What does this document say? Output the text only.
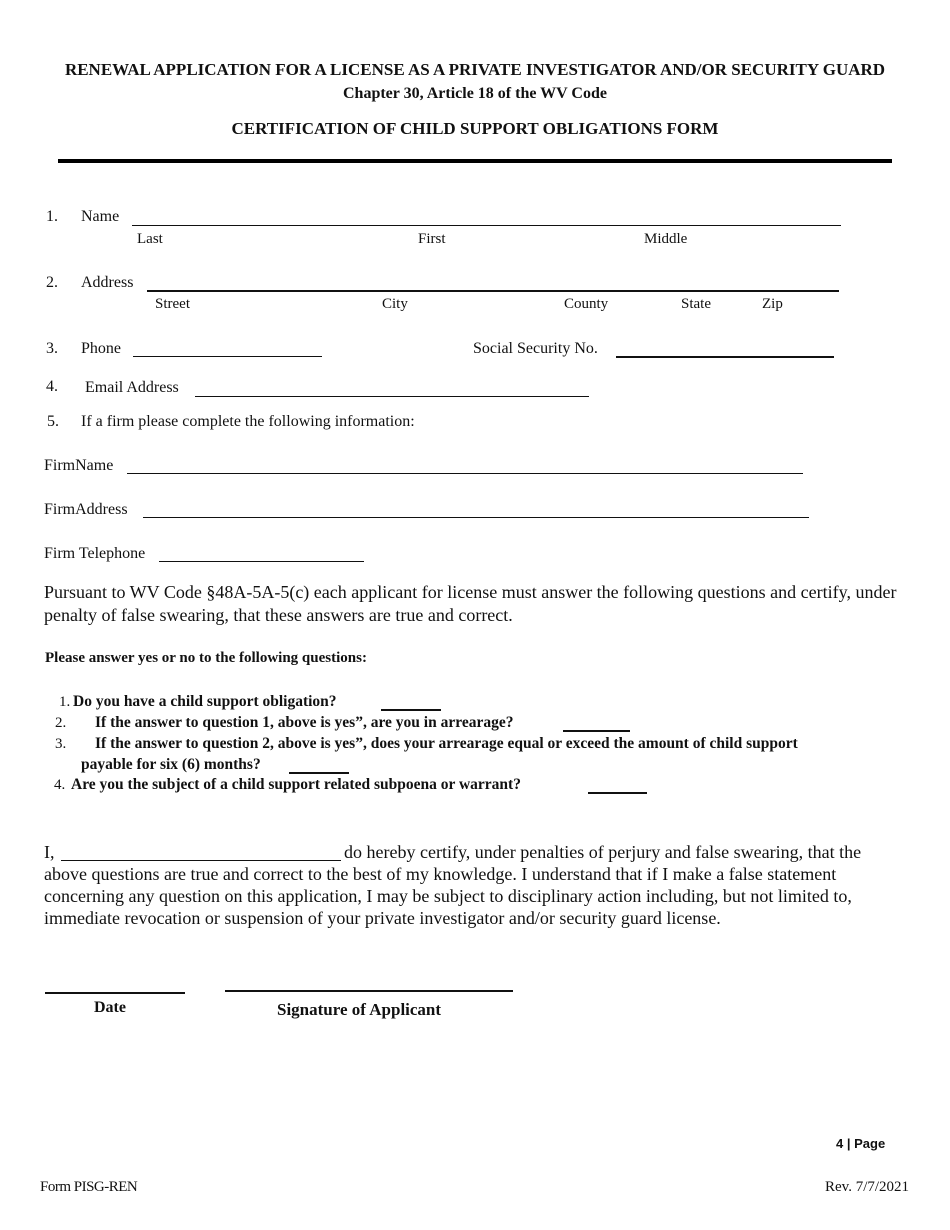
RENEWAL APPLICATION FOR A LICENSE AS A PRIVATE INVESTIGATOR AND/OR SECURITY GUARD
Chapter 30, Article 18 of the WV Code
CERTIFICATION OF CHILD SUPPORT OBLIGATIONS FORM
1. Name
Last	First	Middle
2. Address
Street	City	County	State	Zip
3. Phone	Social Security No.
4. Email Address
5. If a firm please complete the following information:
FirmName
FirmAddress
Firm Telephone
Pursuant to WV Code §48A-5A-5(c) each applicant for license must answer the following questions and certify, under penalty of false swearing, that these answers are true and correct.
Please answer yes or no to the following questions:
1. Do you have a child support obligation?
2. If the answer to question 1, above is yes”, are you in arrearage?
3. If the answer to question 2, above is yes”, does your arrearage equal or exceed the amount of child support
payable for six (6) months?
4. Are you the subject of a child support related subpoena or warrant?
I,	do hereby certify, under penalties of perjury and false swearing, that the
above questions are true and correct to the best of my knowledge. I understand that if I make a false statement
concerning any question on this application, I may be subject to disciplinary action including, but not limited to,
immediate revocation or suspension of your private investigator and/or security guard license.
Date	Signature of Applicant
4 | Page
Form PISG-REN	Rev. 7/7/2021
